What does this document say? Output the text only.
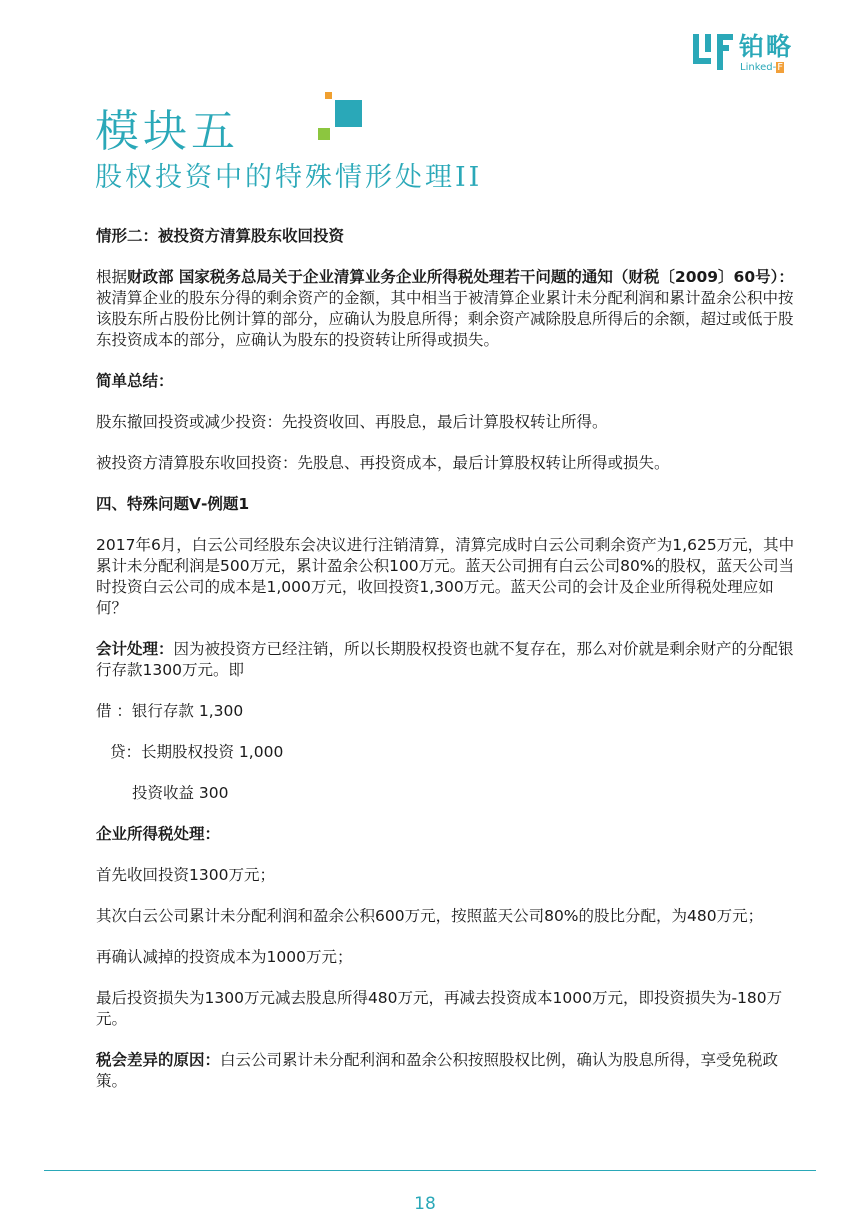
铂略
Linked-F
模块五
股权投资中的特殊情形处理II

情形二：被投资方清算股东收回投资

根据财政部 国家税务总局关于企业清算业务企业所得税处理若干问题的通知（财税〔2009〕60号）：被清算企业的股东分得的剩余资产的金额，其中相当于被清算企业累计未分配利润和累计盈余公积中按该股东所占股份比例计算的部分，应确认为股息所得；剩余资产减除股息所得后的余额，超过或低于股东投资成本的部分，应确认为股东的投资转让所得或损失。

简单总结：

股东撤回投资或减少投资：先投资收回、再股息，最后计算股权转让所得。

被投资方清算股东收回投资：先股息、再投资成本，最后计算股权转让所得或损失。

四、特殊问题Ⅴ-例题1

2017年6月，白云公司经股东会决议进行注销清算，清算完成时白云公司剩余资产为1,625万元，其中累计未分配利润是500万元，累计盈余公积100万元。蓝天公司拥有白云公司80%的股权，蓝天公司当时投资白云公司的成本是1,000万元，收回投资1,300万元。蓝天公司的会计及企业所得税处理应如何？

会计处理：因为被投资方已经注销，所以长期股权投资也就不复存在，那么对价就是剩余财产的分配银行存款1300万元。即

借 ：银行存款 1,300

贷：长期股权投资 1,000

投资收益 300

企业所得税处理：

首先收回投资1300万元；

其次白云公司累计未分配利润和盈余公积600万元，按照蓝天公司80%的股比分配，为480万元；

再确认减掉的投资成本为1000万元；

最后投资损失为1300万元减去股息所得480万元，再减去投资成本1000万元，即投资损失为-180万元。

税会差异的原因：白云公司累计未分配利润和盈余公积按照股权比例，确认为股息所得，享受免税政策。

18
